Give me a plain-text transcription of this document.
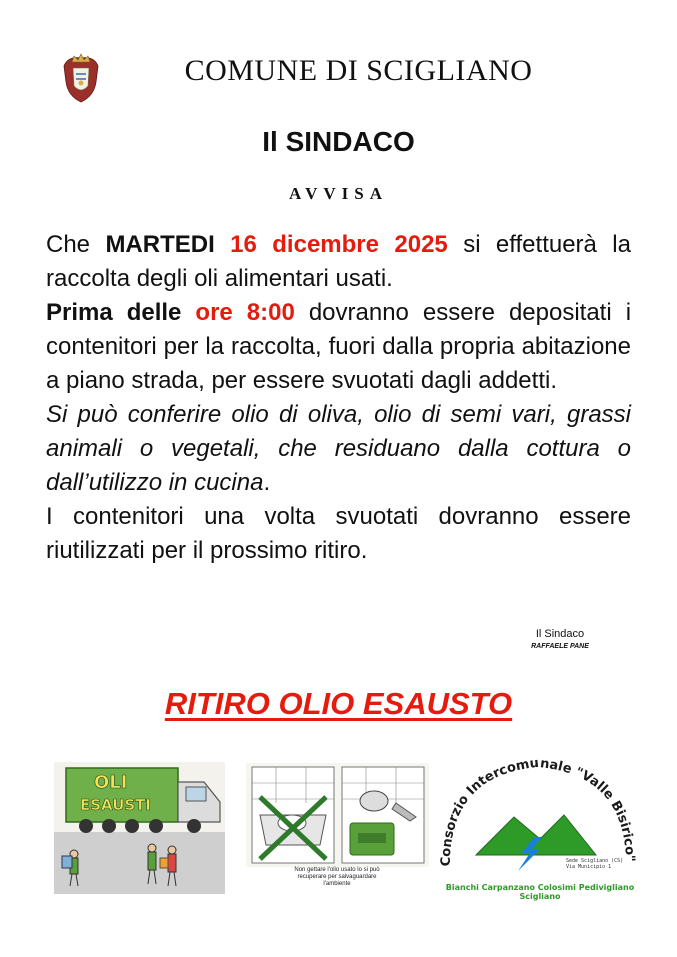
COMUNE DI SCIGLIANO
Il SINDACO
AVVISA

Che MARTEDI 16 dicembre 2025 si effettuerà la raccolta degli oli alimentari usati.

Prima delle ore 8:00 dovranno essere depositati i contenitori per la raccolta, fuori dalla propria abitazione a piano strada, per essere svuotati dagli addetti.

Si può conferire olio di oliva, olio di semi vari, grassi animali o vegetali, che residuano dalla cottura o dall’utilizzo in cucina.

I contenitori una volta svuotati dovranno essere riutilizzati per il prossimo ritiro.

Il Sindaco
RAFFAELE PANE
RITIRO OLIO ESAUSTO
OLI
ESAUSTI
Non gettare l'olio usato lo si può recuperare per salvaguardare l'ambiente
Consorzio Intercomunale "Valle Bisirico"
Sede Scigliano (CS)
Via Municipio 1
Bianchi Carpanzano Colosimi Pedivigliano Scigliano
